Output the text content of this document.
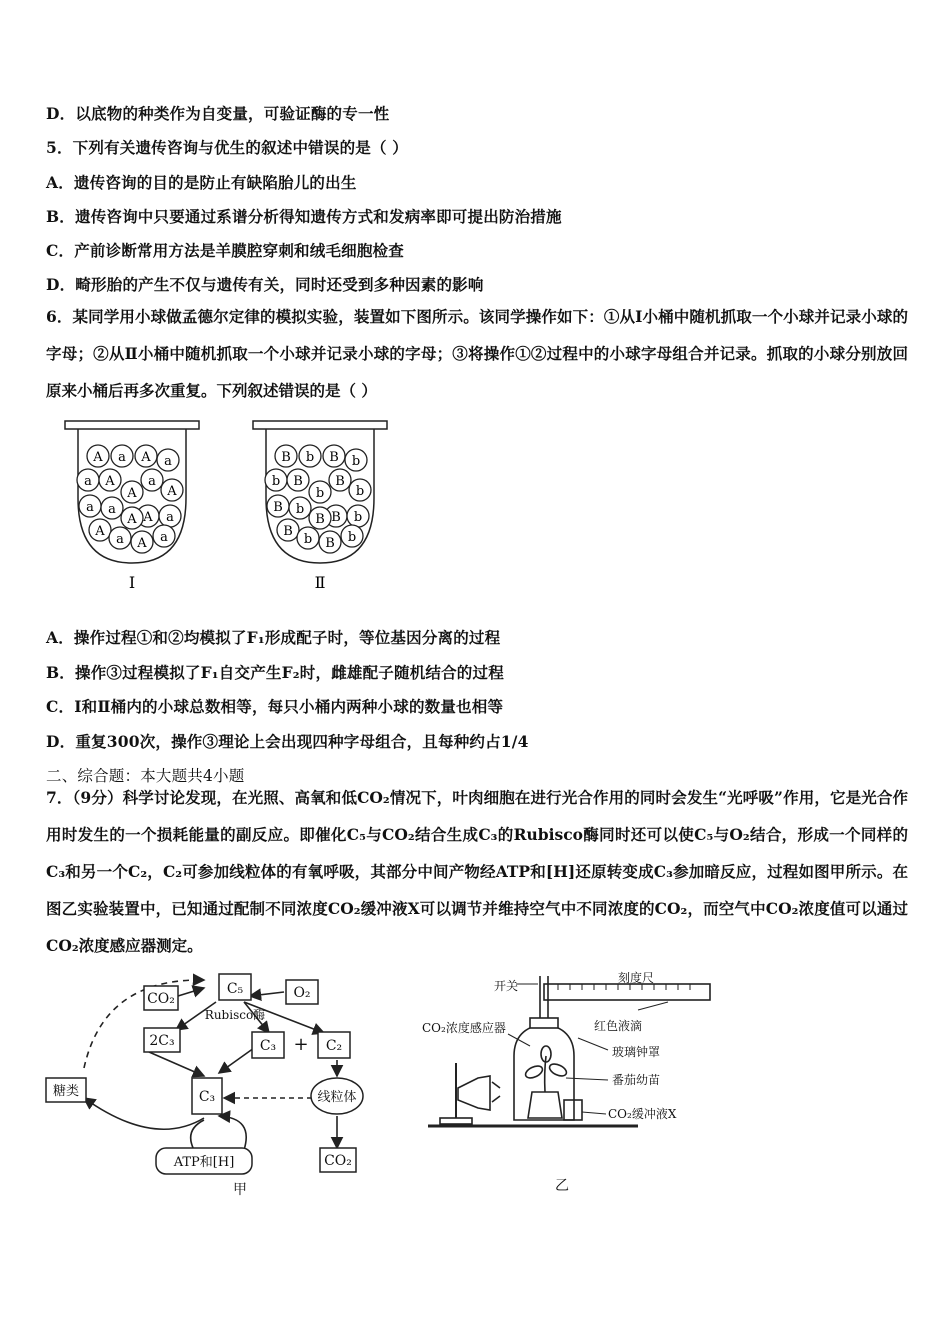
D．以底物的种类作为自变量，可验证酶的专一性
5．下列有关遗传咨询与优生的叙述中错误的是（ ）
A．遗传咨询的目的是防止有缺陷胎儿的出生
B．遗传咨询中只要通过系谱分析得知遗传方式和发病率即可提出防治措施
C．产前诊断常用方法是羊膜腔穿刺和绒毛细胞检查
D．畸形胎的产生不仅与遗传有关，同时还受到多种因素的影响
6．某同学用小球做孟德尔定律的模拟实验，装置如下图所示。该同学操作如下：①从Ⅰ小桶中随机抓取一个小球并记录小球的字母；②从Ⅱ小桶中随机抓取一个小球并记录小球的字母；③将操作①②过程中的小球字母组合并记录。抓取的小球分别放回原来小桶后再多次重复。下列叙述错误的是（ ）
A a A a
a A
A
a
A
a a
A a
A
a A a
A
Ⅰ
B b B b
b B
b
B
b
B b
B b
B
b B b
B
Ⅱ
A．操作过程①和②均模拟了F₁形成配子时，等位基因分离的过程
B．操作③过程模拟了F₁自交产生F₂时，雌雄配子随机结合的过程
C．Ⅰ和Ⅱ桶内的小球总数相等，每只小桶内两种小球的数量也相等
D．重复300次，操作③理论上会出现四种字母组合，且每种约占1/4
二、综合题：本大题共4小题
7．（9分）科学讨论发现，在光照、高氧和低CO₂情况下，叶肉细胞在进行光合作用的同时会发生“光呼吸”作用，它是光合作用时发生的一个损耗能量的副反应。即催化C₅与CO₂结合生成C₃的Rubisco酶同时还可以使C₅与O₂结合，形成一个同样的C₃和另一个C₂，C₂可参加线粒体的有氧呼吸，其部分中间产物经ATP和[H]还原转变成C₃参加暗反应，过程如图甲所示。在图乙实验装置中，已知通过配制不同浓度CO₂缓冲液X可以调节并维持空气中不同浓度的CO₂，而空气中CO₂浓度值可以通过CO₂浓度感应器测定。
CO₂
C₅	O₂
Rubisco酶
2C₃	C₃ + C₂
C₃	线粒体
糖类
ATP和[H]	CO₂
甲
开关
刻度尺
CO₂浓度感应器	红色液滴
玻璃钟罩
番茄幼苗
CO₂缓冲液X
乙
